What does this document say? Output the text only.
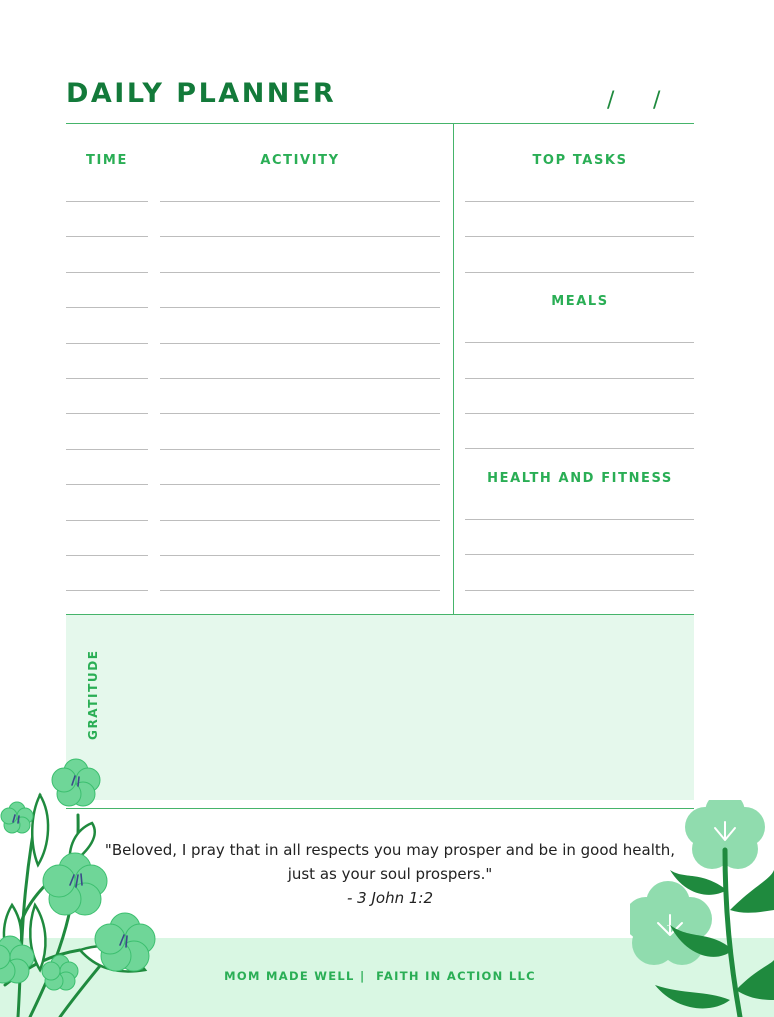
DAILY PLANNER	/ /
TIME	ACTIVITY	TOP TASKS
MEALS
HEALTH AND FITNESS
GRATITUDE
"Beloved, I pray that in all respects you may prosper and be in good health, just as your soul prospers."
- 3 John 1:2
MOM MADE WELL |  FAITH IN ACTION LLC
